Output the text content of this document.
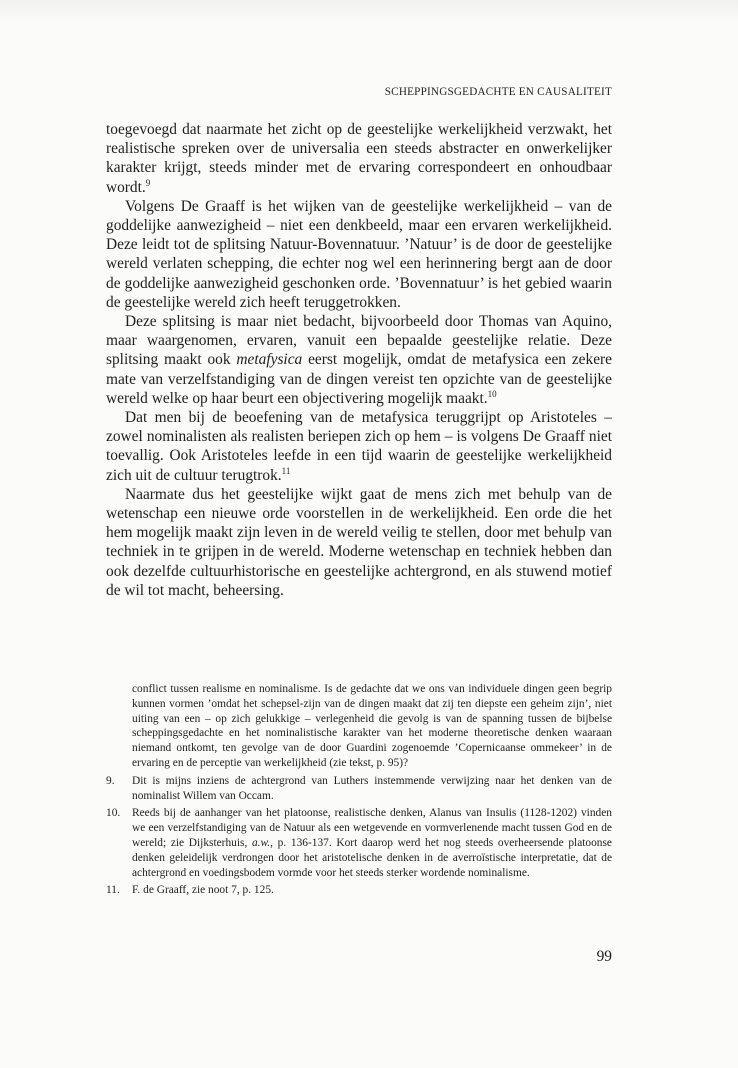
SCHEPPINGSGEDACHTE EN CAUSALITEIT

toegevoegd dat naarmate het zicht op de geestelijke werkelijkheid verzwakt, het realistische spreken over de universalia een steeds abstracter en onwerkelijker karakter krijgt, steeds minder met de ervaring correspondeert en onhoudbaar wordt.$^9$

Volgens De Graaff is het wijken van de geestelijke werkelijkheid – van de goddelijke aanwezigheid – niet een denkbeeld, maar een ervaren werkelijkheid. Deze leidt tot de splitsing Natuur-Bovennatuur. ’Natuur’ is de door de geestelijke wereld verlaten schepping, die echter nog wel een herinnering bergt aan de door de goddelijke aanwezigheid geschonken orde. ’Bovennatuur’ is het gebied waarin de geestelijke wereld zich heeft teruggetrokken.

Deze splitsing is maar niet bedacht, bijvoorbeeld door Thomas van Aquino, maar waargenomen, ervaren, vanuit een bepaalde geestelijke relatie. Deze splitsing maakt ook metafysica eerst mogelijk, omdat de metafysica een zekere mate van verzelfstandiging van de dingen vereist ten opzichte van de geestelijke wereld welke op haar beurt een objectivering mogelijk maakt.$^{10}$

Dat men bij de beoefening van de metafysica teruggrijpt op Aristoteles – zowel nominalisten als realisten beriepen zich op hem – is volgens De Graaff niet toevallig. Ook Aristoteles leefde in een tijd waarin de geestelijke werkelijkheid zich uit de cultuur terugtrok.$^{11}$

Naarmate dus het geestelijke wijkt gaat de mens zich met behulp van de wetenschap een nieuwe orde voorstellen in de werkelijkheid. Een orde die het hem mogelijk maakt zijn leven in de wereld veilig te stellen, door met behulp van techniek in te grijpen in de wereld. Moderne wetenschap en techniek hebben dan ook dezelfde cultuurhistorische en geestelijke achtergrond, en als stuwend motief de wil tot macht, beheersing.

conflict tussen realisme en nominalisme. Is de gedachte dat we ons van individuele dingen geen begrip kunnen vormen ’omdat het schepsel-zijn van de dingen maakt dat zij ten diepste een geheim zijn’, niet uiting van een – op zich gelukkige – verlegenheid die gevolg is van de spanning tussen de bijbelse scheppingsgedachte en het nominalistische karakter van het moderne theoretische denken waaraan niemand ontkomt, ten gevolge van de door Guardini zogenoemde ’Copernicaanse ommekeer’ in de ervaring en de perceptie van werkelijkheid (zie tekst, p. 95)?

9.	Dit is mijns inziens de achtergrond van Luthers instemmende verwijzing naar het denken van de nominalist Willem van Occam.
10.	Reeds bij de aanhanger van het platoonse, realistische denken, Alanus van Insulis (1128-1202) vinden we een verzelfstandiging van de Natuur als een wetgevende en vormverlenende macht tussen God en de wereld; zie Dijksterhuis, a.w., p. 136-137. Kort daarop werd het nog steeds overheersende platoonse denken geleidelijk verdrongen door het aristotelische denken in de averroïstische interpretatie, dat de achtergrond en voedingsbodem vormde voor het steeds sterker wordende nominalisme.
11.	F. de Graaff, zie noot 7, p. 125.
99
